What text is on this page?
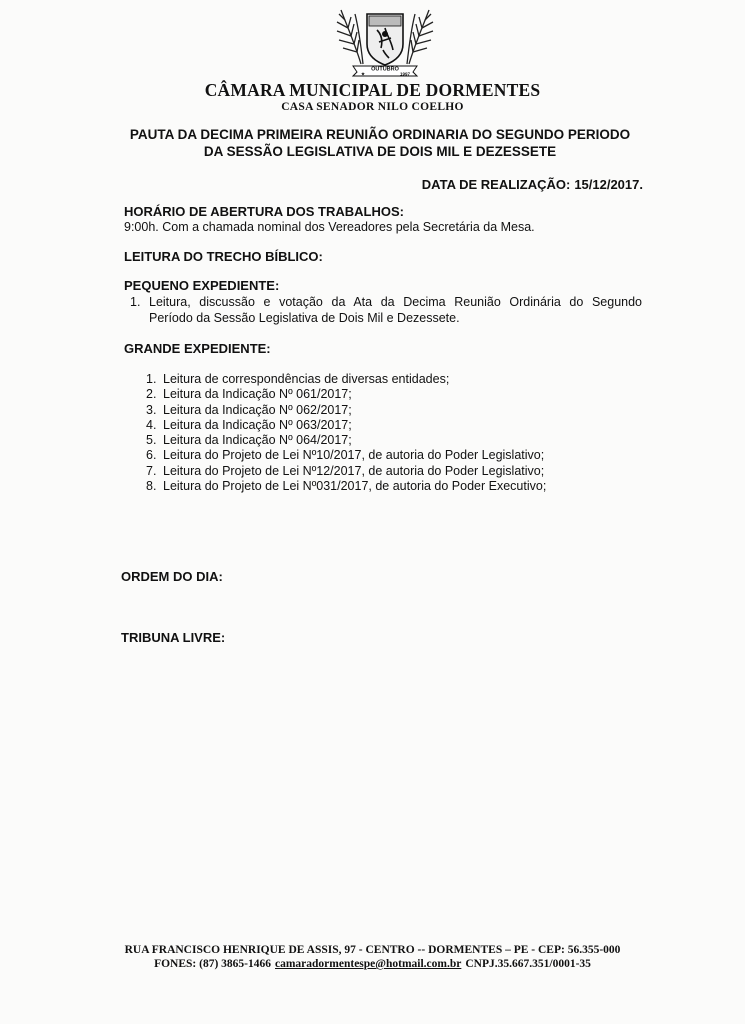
OUTUBRO
1997
★
CÂMARA MUNICIPAL DE DORMENTES
CASA SENADOR NILO COELHO
PAUTA DA DECIMA PRIMEIRA REUNIÃO ORDINARIA DO SEGUNDO PERIODO
DA SESSÃO LEGISLATIVA DE DOIS MIL E DEZESSETE
DATA DE REALIZAÇÃO: 15/12/2017.
HORÁRIO DE ABERTURA DOS TRABALHOS:
9:00h. Com a chamada nominal dos Vereadores pela Secretária da Mesa.
LEITURA DO TRECHO BÍBLICO:
PEQUENO EXPEDIENTE:
1. Leitura, discussão e votação da Ata da Decima Reunião Ordinária do Segundo
Período da Sessão Legislativa de Dois Mil e Dezessete.
GRANDE EXPEDIENTE:
1. Leitura de correspondências de diversas entidades;
2. Leitura da Indicação Nº 061/2017;
3. Leitura da Indicação Nº 062/2017;
4. Leitura da Indicação Nº 063/2017;
5. Leitura da Indicação Nº 064/2017;
6. Leitura do Projeto de Lei Nº10/2017, de autoria do Poder Legislativo;
7. Leitura do Projeto de Lei Nº12/2017, de autoria do Poder Legislativo;
8. Leitura do Projeto de Lei Nº031/2017, de autoria do Poder Executivo;
ORDEM DO DIA:
TRIBUNA LIVRE:
RUA FRANCISCO HENRIQUE DE ASSIS, 97 - CENTRO -- DORMENTES – PE - CEP: 56.355-000
FONES: (87) 3865-1466 camaradormentespe@hotmail.com.br CNPJ.35.667.351/0001-35
